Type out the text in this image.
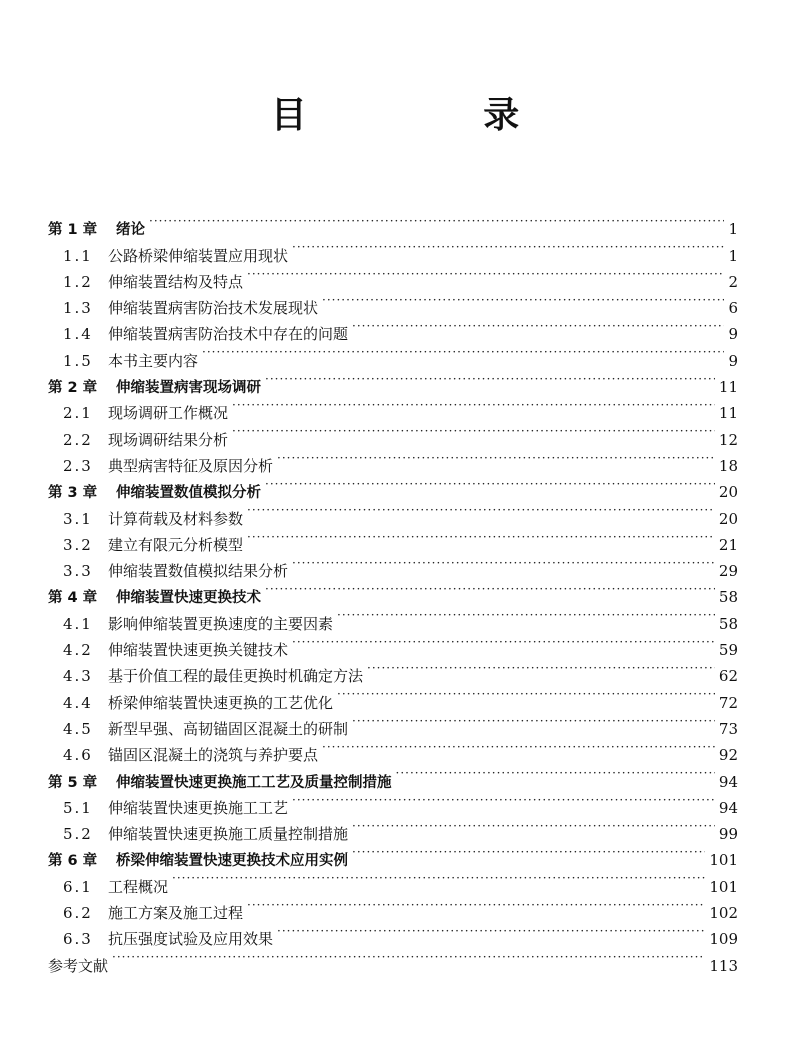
目 录
第 1 章	绪论 ·····	1
1.1	公路桥梁伸缩装置应用现状 ·····	1
1.2	伸缩装置结构及特点 ·····	2
1.3	伸缩装置病害防治技术发展现状 ·····	6
1.4	伸缩装置病害防治技术中存在的问题 ·····	9
1.5	本书主要内容 ·····	9
第 2 章	伸缩装置病害现场调研 ·····	11
2.1	现场调研工作概况 ·····	11
2.2	现场调研结果分析 ·····	12
2.3	典型病害特征及原因分析 ·····	18
第 3 章	伸缩装置数值模拟分析 ·····	20
3.1	计算荷载及材料参数 ·····	20
3.2	建立有限元分析模型 ·····	21
3.3	伸缩装置数值模拟结果分析 ·····	29
第 4 章	伸缩装置快速更换技术 ·····	58
4.1	影响伸缩装置更换速度的主要因素 ·····	58
4.2	伸缩装置快速更换关键技术 ·····	59
4.3	基于价值工程的最佳更换时机确定方法 ·····	62
4.4	桥梁伸缩装置快速更换的工艺优化 ·····	72
4.5	新型早强、高韧锚固区混凝土的研制 ·····	73
4.6	锚固区混凝土的浇筑与养护要点 ·····	92
第 5 章	伸缩装置快速更换施工工艺及质量控制措施 ·····	94
5.1	伸缩装置快速更换施工工艺 ·····	94
5.2	伸缩装置快速更换施工质量控制措施 ·····	99
第 6 章	桥梁伸缩装置快速更换技术应用实例 ·····	101
6.1	工程概况 ·····	101
6.2	施工方案及施工过程 ·····	102
6.3	抗压强度试验及应用效果 ·····	109
参考文献 ·····	113
